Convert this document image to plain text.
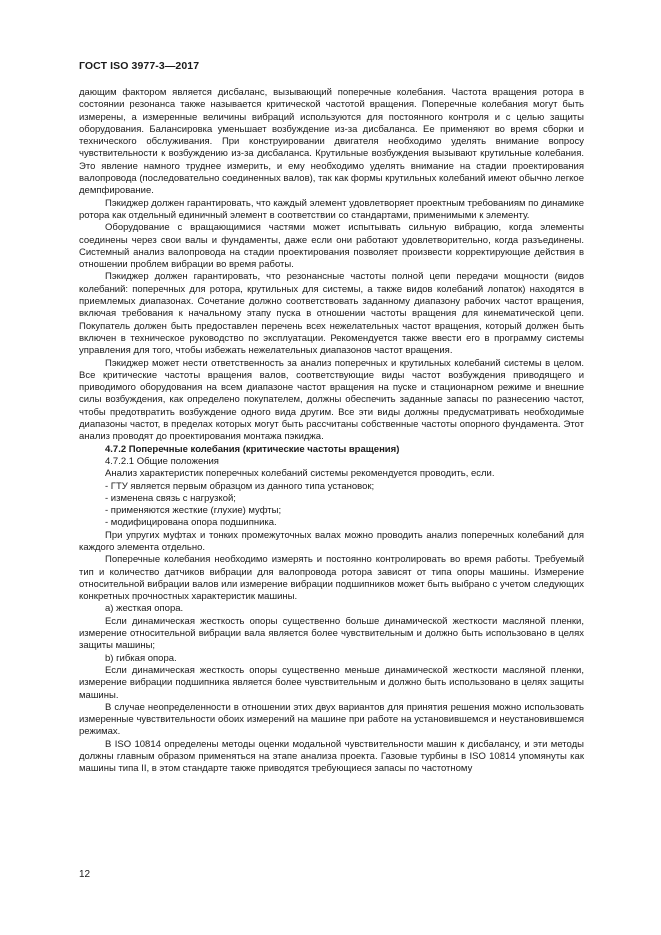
ГОСТ ISO 3977-3—2017

дающим фактором является дисбаланс, вызывающий поперечные колебания. Частота вращения ротора в состоянии резонанса также называется критической частотой вращения. Поперечные колебания могут быть измерены, а измеренные величины вибраций используются для постоянного контроля и с целью защиты оборудования. Балансировка уменьшает возбуждение из-за дисбаланса. Ее применяют во время сборки и технического обслуживания. При конструировании двигателя необходимо уделять внимание вопросу чувствительности к возбуждению из-за дисбаланса. Крутильные возбуждения вызывают крутильные колебания. Это явление намного труднее измерить, и ему необходимо уделять внимание на стадии проектирования валопровода (последовательно соединенных валов), так как формы крутильных колебаний имеют обычно легкое демпфирование.

Пэкиджер должен гарантировать, что каждый элемент удовлетворяет проектным требованиям по динамике ротора как отдельный единичный элемент в соответствии со стандартами, применимыми к элементу.

Оборудование с вращающимися частями может испытывать сильную вибрацию, когда элементы соединены через свои валы и фундаменты, даже если они работают удовлетворительно, когда разъединены. Системный анализ валопровода на стадии проектирования позволяет произвести корректирующие действия в отношении проблем вибрации во время работы.

Пэкиджер должен гарантировать, что резонансные частоты полной цепи передачи мощности (видов колебаний: поперечных для ротора, крутильных для системы, а также видов колебаний лопаток) находятся в приемлемых диапазонах. Сочетание должно соответствовать заданному диапазону рабочих частот вращения, включая требования к начальному этапу пуска в отношении частоты вращения для кинематической цепи. Покупатель должен быть предоставлен перечень всех нежелательных частот вращения, который должен быть включен в техническое руководство по эксплуатации. Рекомендуется также ввести его в программу системы управления для того, чтобы избежать нежелательных диапазонов частот вращения.

Пэкиджер может нести ответственность за анализ поперечных и крутильных колебаний системы в целом. Все критические частоты вращения валов, соответствующие виды частот возбуждения приводящего и приводимого оборудования на всем диапазоне частот вращения на пуске и стационарном режиме и внешние силы возбуждения, как определено покупателем, должны обеспечить заданные запасы по разнесению частот, чтобы предотвратить возбуждение одного вида другим. Все эти виды должны предусматривать необходимые диапазоны частот, в пределах которых могут быть рассчитаны собственные частоты опорного фундамента. Этот анализ проводят до проектирования монтажа пэкиджа.

4.7.2 Поперечные колебания (критические частоты вращения)

4.7.2.1 Общие положения

Анализ характеристик поперечных колебаний системы рекомендуется проводить, если.

- ГТУ является первым образцом из данного типа установок;

- изменена связь с нагрузкой;

- применяются жесткие (глухие) муфты;

- модифицирована опора подшипника.

При упругих муфтах и тонких промежуточных валах можно проводить анализ поперечных колебаний для каждого элемента отдельно.

Поперечные колебания необходимо измерять и постоянно контролировать во время работы. Требуемый тип и количество датчиков вибрации для валопровода ротора зависят от типа опоры машины. Измерение относительной вибрации валов или измерение вибрации подшипников может быть выбрано с учетом следующих конкретных прочностных характеристик машины.

а) жесткая опора.

Если динамическая жесткость опоры существенно больше динамической жесткости масляной пленки, измерение относительной вибрации вала является более чувствительным и должно быть использовано в целях защиты машины;

b) гибкая опора.

Если динамическая жесткость опоры существенно меньше динамической жесткости масляной пленки, измерение вибрации подшипника является более чувствительным и должно быть использовано в целях защиты машины.

В случае неопределенности в отношении этих двух вариантов для принятия решения можно использовать измеренные чувствительности обоих измерений на машине при работе на установившемся и неустановившемся режимах.

В ISO 10814 определены методы оценки модальной чувствительности машин к дисбалансу, и эти методы должны главным образом применяться на этапе анализа проекта. Газовые турбины в ISO 10814 упомянуты как машины типа II, в этом стандарте также приводятся требующиеся запасы по частотному

12
